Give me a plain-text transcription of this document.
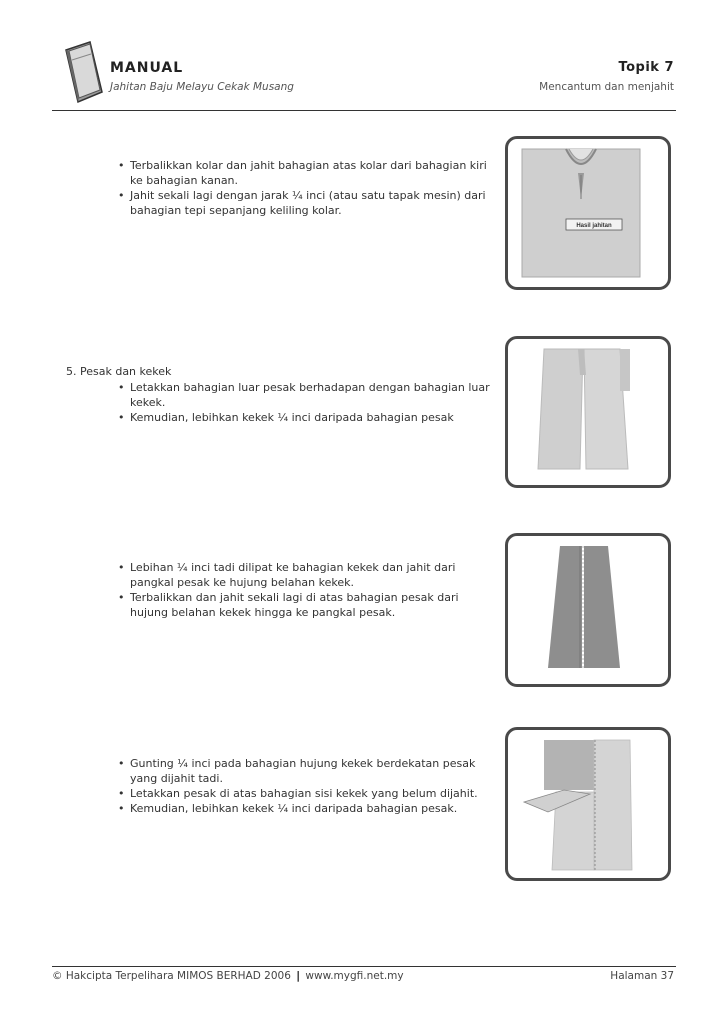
MANUAL
Jahitan Baju Melayu Cekak Musang
Topik 7
Mencantum dan menjahit
• Terbalikkan kolar dan jahit bahagian atas kolar dari bahagian kiri ke bahagian kanan.
• Jahit sekali lagi dengan jarak ¼ inci (atau satu tapak mesin) dari bahagian tepi sepanjang keliling kolar.
Hasil jahitan
5. Pesak dan kekek
• Letakkan bahagian luar pesak berhadapan dengan bahagian luar kekek.
• Kemudian, lebihkan kekek ¼ inci daripada bahagian pesak
• Lebihan ¼ inci tadi dilipat ke bahagian kekek dan jahit dari pangkal pesak ke hujung belahan kekek.
• Terbalikkan dan jahit sekali lagi di atas bahagian pesak dari hujung belahan kekek hingga ke pangkal pesak.
• Gunting ¼ inci pada bahagian hujung kekek berdekatan pesak yang dijahit tadi.
• Letakkan pesak di atas bahagian sisi kekek yang belum dijahit.
• Kemudian, lebihkan kekek ¼ inci daripada bahagian pesak.
© Hakcipta Terpelihara MIMOS BERHAD 2006 | www.mygfi.net.my	Halaman 37
